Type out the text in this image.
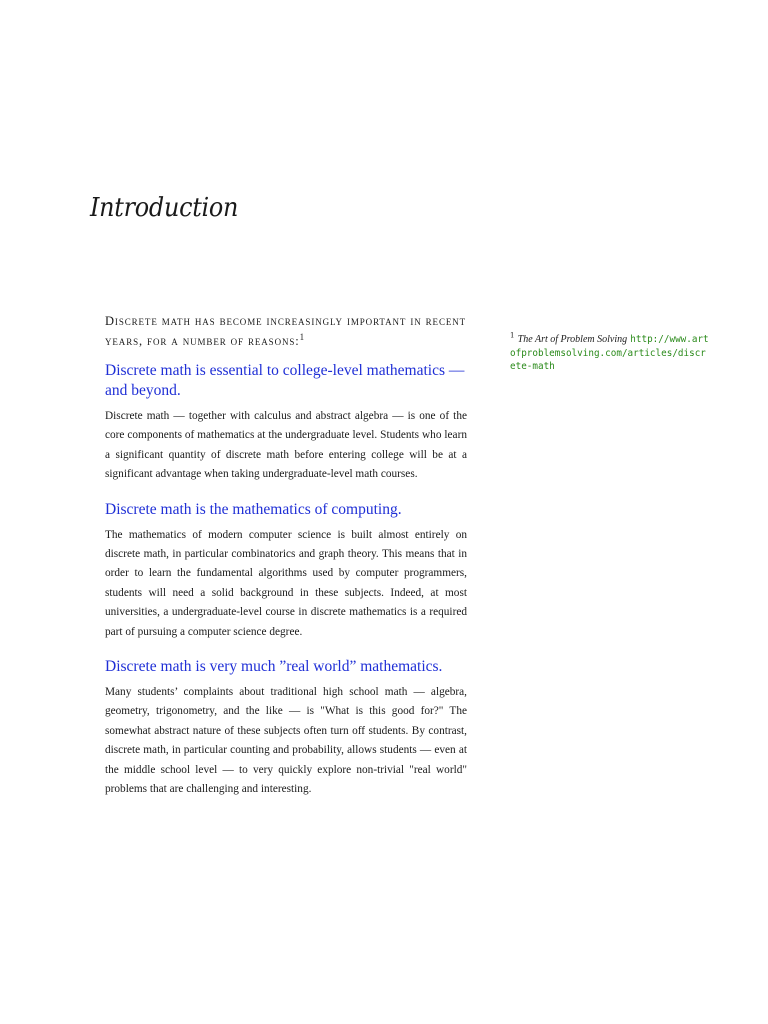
Introduction

Discrete math has become increasingly important in recent years, for a number of reasons:$^1$

Discrete math is essential to college-level mathematics — and beyond.

Discrete math — together with calculus and abstract algebra — is one of the core components of mathematics at the undergraduate level. Students who learn a significant quantity of discrete math before entering college will be at a significant advantage when taking undergraduate-level math courses.

Discrete math is the mathematics of computing.

The mathematics of modern computer science is built almost entirely on discrete math, in particular combinatorics and graph theory. This means that in order to learn the fundamental algorithms used by computer programmers, students will need a solid background in these subjects. Indeed, at most universities, a undergraduate-level course in discrete mathematics is a required part of pursuing a computer science degree.

Discrete math is very much ”real world” mathematics.

Many students’ complaints about traditional high school math — algebra, geometry, trigonometry, and the like — is "What is this good for?" The somewhat abstract nature of these subjects often turn off students. By contrast, discrete math, in particular counting and probability, allows students — even at the middle school level — to very quickly explore non-trivial "real world" problems that are challenging and interesting.

$^1$ The Art of Problem Solving http://www.artofproblemsolving.com/articles/discrete-math
